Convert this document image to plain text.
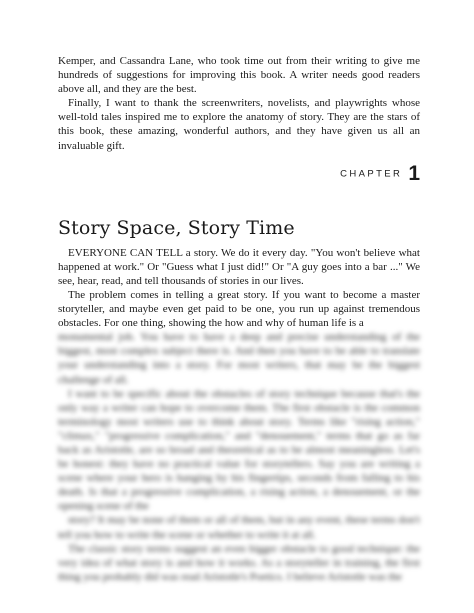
Kemper, and Cassandra Lane, who took time out from their writing to give me hundreds of suggestions for improving this book. A writer needs good readers above all, and they are the best.

Finally, I want to thank the screenwriters, novelists, and playwrights whose well-told tales inspired me to explore the anatomy of story. They are the stars of this book, these amazing, wonderful authors, and they have given us all an invaluable gift.

CHAPTER 1
Story Space, Story Time

EVERYONE CAN TELL a story. We do it every day. "You won't believe what happened at work." Or "Guess what I just did!" Or "A guy goes into a bar ..." We see, hear, read, and tell thousands of stories in our lives.

The problem comes in telling a great story. If you want to become a master storyteller, and maybe even get paid to be one, you run up against tremendous obstacles. For one thing, showing the how and why of human life is a

monumental job. You have to have a deep and precise understanding of the biggest, most complex subject there is. And then you have to be able to translate your understanding into a story. For most writers, that may be the biggest challenge of all.

I want to be specific about the obstacles of story technique because that's the only way a writer can hope to overcome them. The first obstacle is the common terminology most writers use to think about story. Terms like "rising action," "climax," "progressive complication," and "denouement," terms that go as far back as Aristotle, are so broad and theoretical as to be almost meaningless. Let's be honest: they have no practical value for storytellers. Say you are writing a scene where your hero is hanging by his fingertips, seconds from falling to his death. Is that a progressive complication, a rising action, a denouement, or the opening scene of the

story? It may be none of them or all of them, but in any event, these terms don't tell you how to write the scene or whether to write it at all.

The classic story terms suggest an even bigger obstacle to good technique: the very idea of what story is and how it works. As a storyteller in training, the first thing you probably did was read Aristotle's Poetics. I believe Aristotle was the
